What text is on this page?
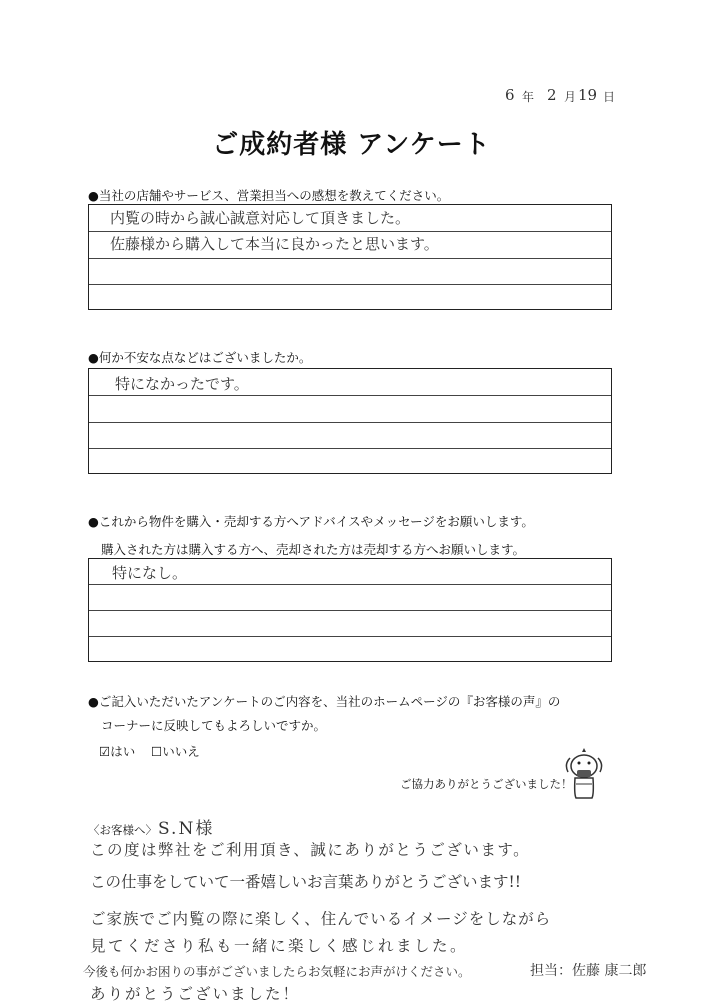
6 年 2 月 19 日
ご成約者様 アンケート
●当社の店舗やサービス、営業担当への感想を教えてください。
内覧の時から誠心誠意対応して頂きました。
佐藤様から購入して本当に良かったと思います。
●何か不安な点などはございましたか。
特になかったです。
●これから物件を購入・売却する方へアドバイスやメッセージをお願いします。
購入された方は購入する方へ、売却された方は売却する方へお願いします。
特になし。
●ご記入いただいたアンケートのご内容を、当社のホームページの『お客様の声』の
コーナーに反映してもよろしいですか。
☑はい ☐いいえ
ご協力ありがとうございました！
〈お客様へ〉 S.N様
この度は弊社をご利用頂き、誠にありがとうございます。
この仕事をしていて一番嬉しいお言葉ありがとうございます!!
ご家族でご内覧の際に楽しく、住んでいるイメージをしながら
見てくださり私も一緒に楽しく感じれました。
今後も何かお困りの事がございましたらお気軽にお声がけください。
ありがとうございました！
担当：佐藤 康二郎
